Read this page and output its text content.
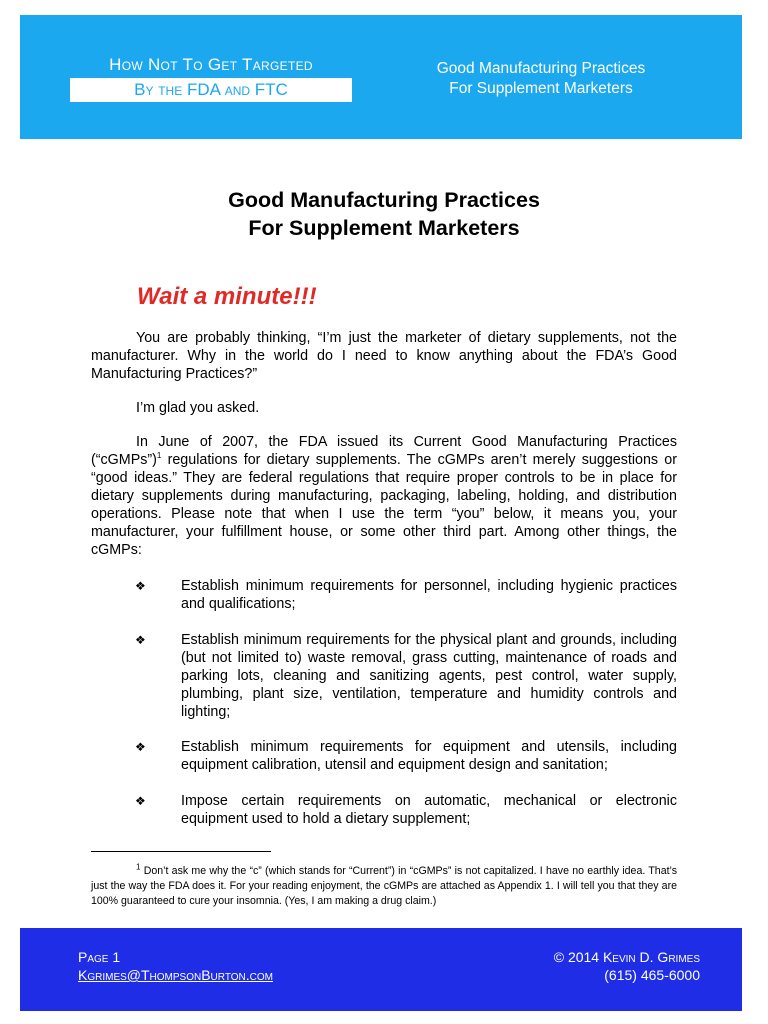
How Not To Get Targeted
By the FDA and FTC
Good Manufacturing Practices
For Supplement Marketers
Good Manufacturing Practices
For Supplement Marketers
Wait a minute!!!
You are probably thinking, “I’m just the marketer of dietary supplements, not the manufacturer. Why in the world do I need to know anything about the FDA’s Good Manufacturing Practices?”
I’m glad you asked.
In June of 2007, the FDA issued its Current Good Manufacturing Practices (“cGMPs”)$^1$ regulations for dietary supplements. The cGMPs aren’t merely suggestions or “good ideas.” They are federal regulations that require proper controls to be in place for dietary supplements during manufacturing, packaging, labeling, holding, and distribution operations. Please note that when I use the term “you” below, it means you, your manufacturer, your fulfillment house, or some other third part. Among other things, the cGMPs:
❖ Establish minimum requirements for personnel, including hygienic practices and qualifications;
❖ Establish minimum requirements for the physical plant and grounds, including (but not limited to) waste removal, grass cutting, maintenance of roads and parking lots, cleaning and sanitizing agents, pest control, water supply, plumbing, plant size, ventilation, temperature and humidity controls and lighting;
❖ Establish minimum requirements for equipment and utensils, including equipment calibration, utensil and equipment design and sanitation;
❖ Impose certain requirements on automatic, mechanical or electronic equipment used to hold a dietary supplement;
$^1$ Don’t ask me why the “c” (which stands for “Current”) in “cGMPs” is not capitalized. I have no earthly idea. That’s just the way the FDA does it. For your reading enjoyment, the cGMPs are attached as Appendix 1. I will tell you that they are 100% guaranteed to cure your insomnia. (Yes, I am making a drug claim.)
Page 1
Kgrimes@ThompsonBurton.com
© 2014 Kevin D. Grimes
(615) 465-6000
